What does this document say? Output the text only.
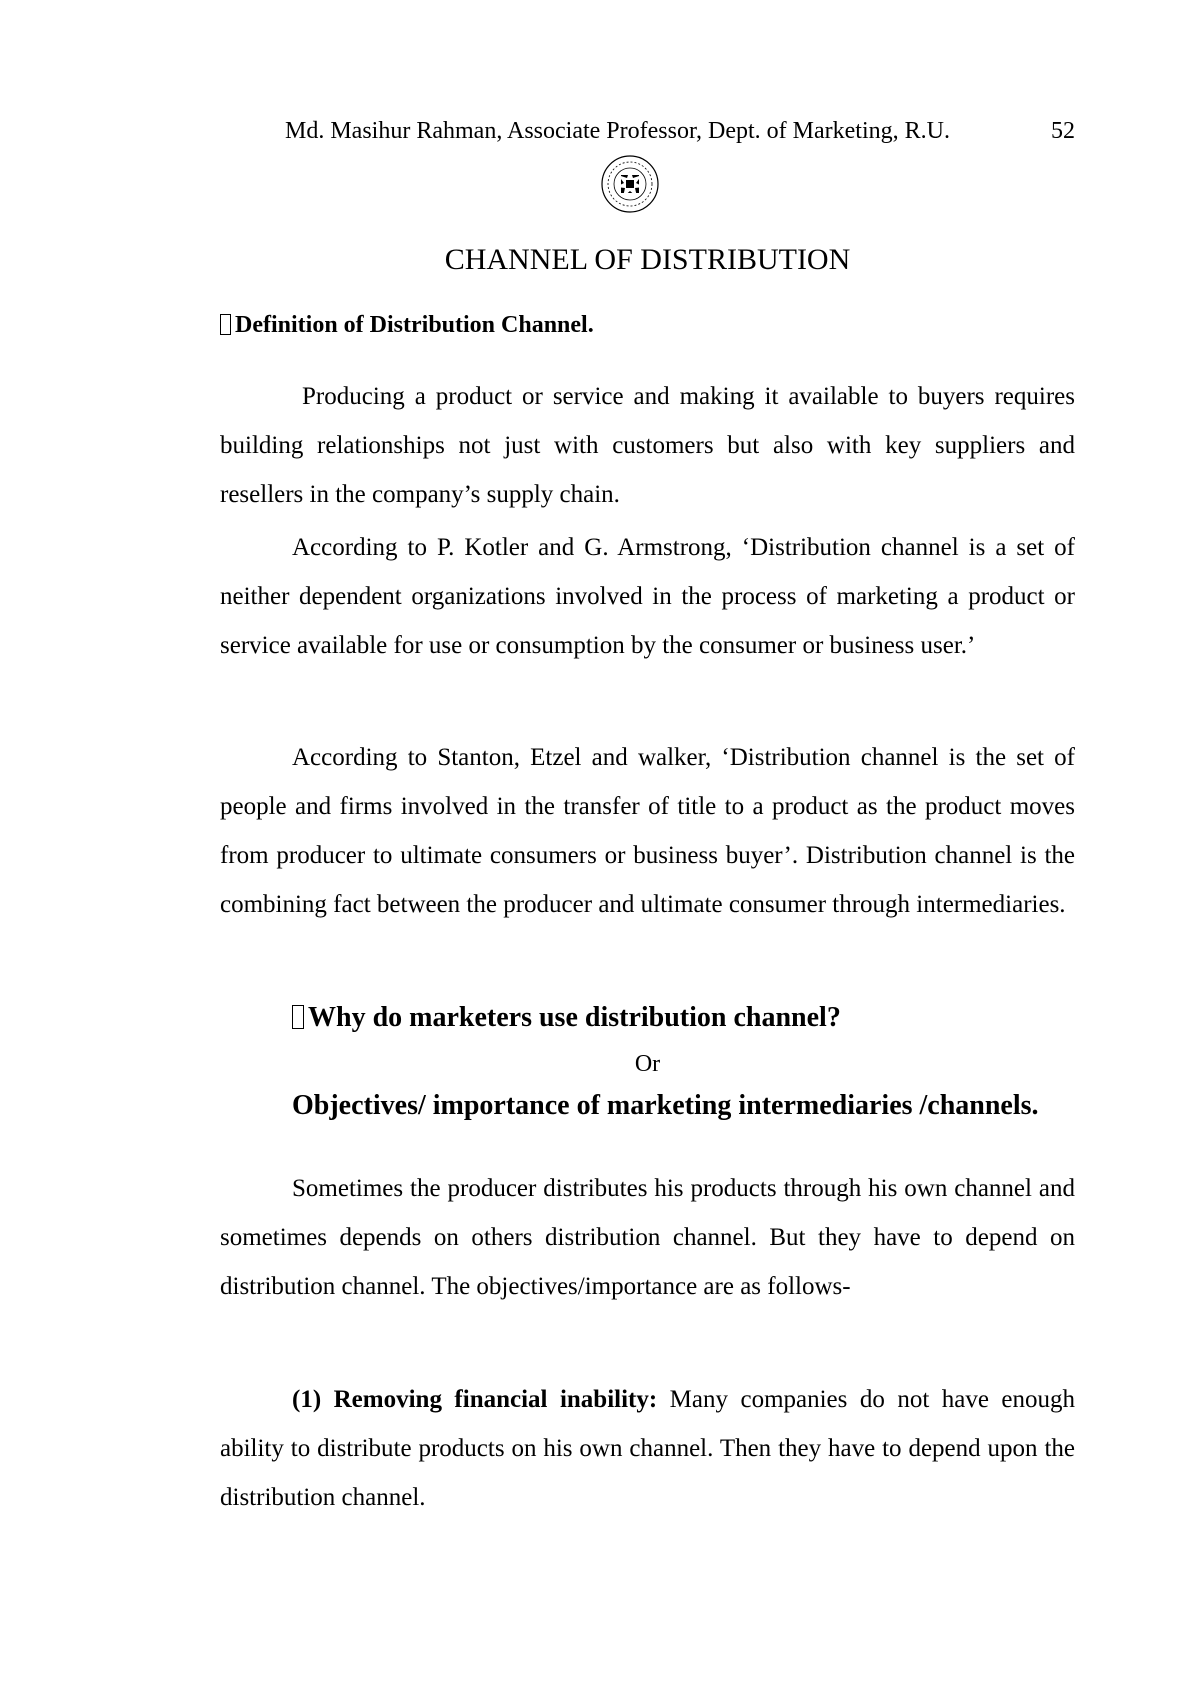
Md. Masihur Rahman, Associate Professor, Dept. of Marketing, R.U.	52
CHANNEL OF DISTRIBUTION

Definition of Distribution Channel.

Producing a product or service and making it available to buyers requires building relationships not just with customers but also with key suppliers and resellers in the company’s supply chain.

According to P. Kotler and G. Armstrong, ‘Distribution channel is a set of neither dependent organizations involved in the process of marketing a product or service available for use or consumption by the consumer or business user.’

According to Stanton, Etzel and walker, ‘Distribution channel is the set of people and firms involved in the transfer of title to a product as the product moves from producer to ultimate consumers or business buyer’. Distribution channel is the combining fact between the producer and ultimate consumer through intermediaries.

Why do marketers use distribution channel?

Or

Objectives/ importance of marketing intermediaries /channels.

Sometimes the producer distributes his products through his own channel and sometimes depends on others distribution channel. But they have to depend on distribution channel. The objectives/importance are as follows-

(1) Removing financial inability: Many companies do not have enough ability to distribute products on his own channel. Then they have to depend upon the distribution channel.
